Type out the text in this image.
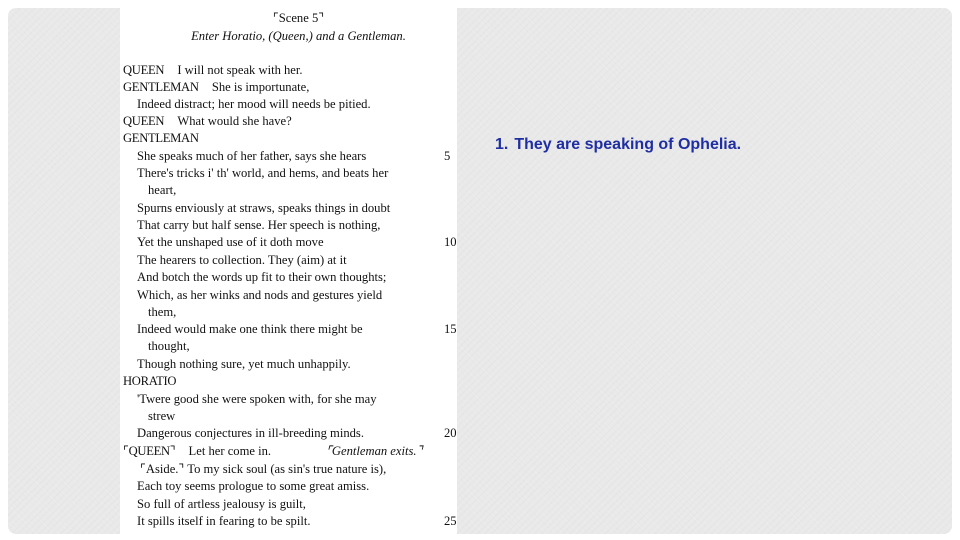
⌜Scene 5⌝
Enter Horatio, (Queen,) and a Gentleman.
QUEEN I will not speak with her.
GENTLEMAN She is importunate,
Indeed distract; her mood will needs be pitied.
QUEEN What would she have?
GENTLEMAN
She speaks much of her father, says she hears	5
There's tricks i' th' world, and hems, and beats her
heart,
Spurns enviously at straws, speaks things in doubt
That carry but half sense. Her speech is nothing,
Yet the unshaped use of it doth move	10
The hearers to collection. They (aim) at it
And botch the words up fit to their own thoughts;
Which, as her winks and nods and gestures yield
them,
Indeed would make one think there might be	15
thought,
Though nothing sure, yet much unhappily.
HORATIO
'Twere good she were spoken with, for she may
strew
Dangerous conjectures in ill-breeding minds.	20
⌜QUEEN⌝ Let her come in.	⌜Gentleman exits.⌝
⌜Aside.⌝ To my sick soul (as sin's true nature is),
Each toy seems prologue to some great amiss.
So full of artless jealousy is guilt,
It spills itself in fearing to be spilt.	25
1. They are speaking of Ophelia.
